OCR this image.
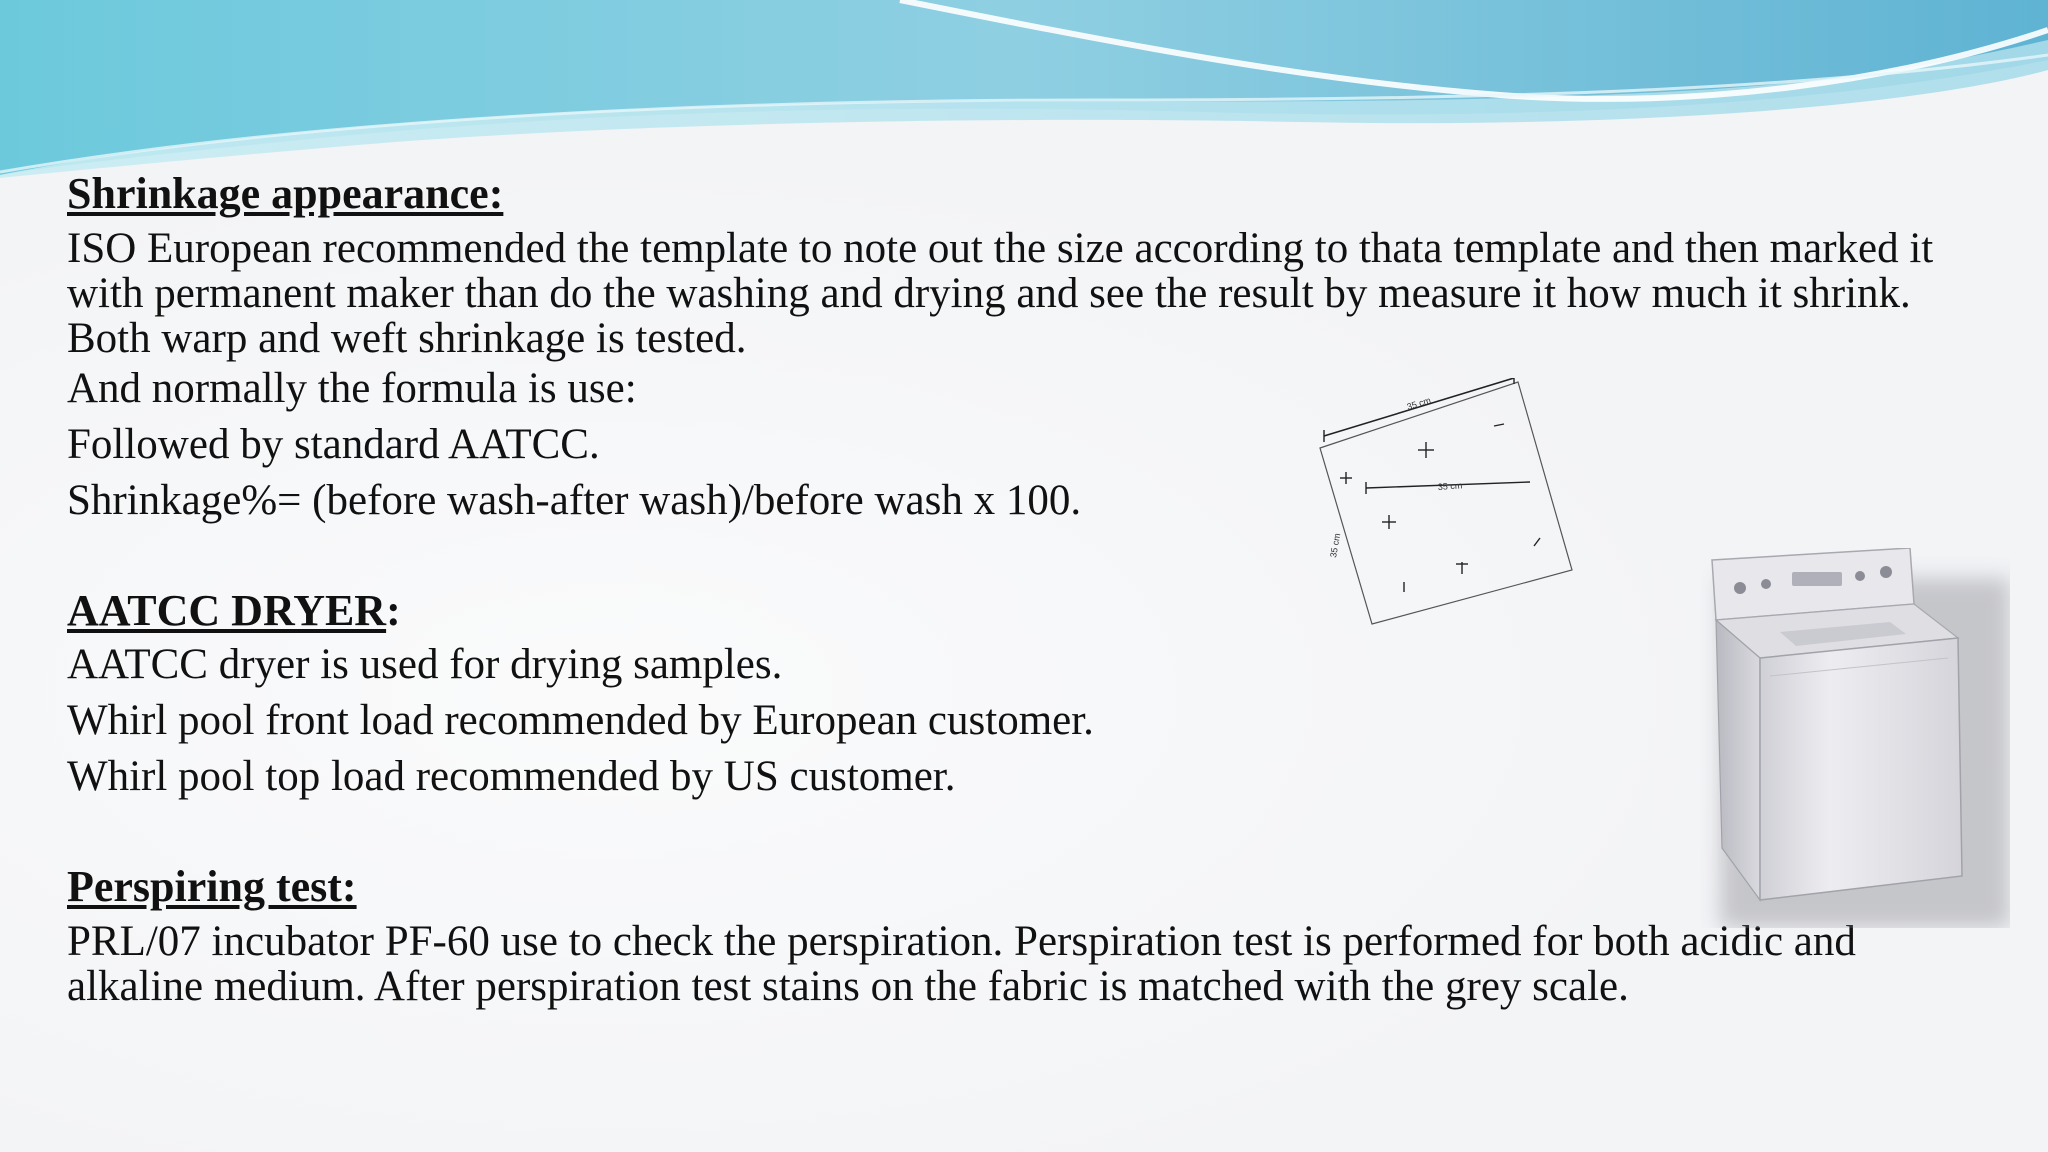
Shrinkage appearance:

ISO European recommended the template to note out the size according to thata template and then marked it with permanent maker than do the washing and drying and see the result by measure it how much it shrink. Both warp and weft shrinkage is tested.

And normally the formula is use:

Followed by standard AATCC.

Shrinkage%= (before wash-after wash)/before wash x 100.

AATCC DRYER:

AATCC dryer is used for drying samples.

Whirl pool front load recommended by European customer.

Whirl pool top load recommended by US customer.

Perspiring test:

PRL/07 incubator PF-60 use to check the perspiration. Perspiration test is performed for both acidic and alkaline medium. After perspiration test stains on the fabric is matched with the grey scale.

35 cm
35 cm
35 cm
